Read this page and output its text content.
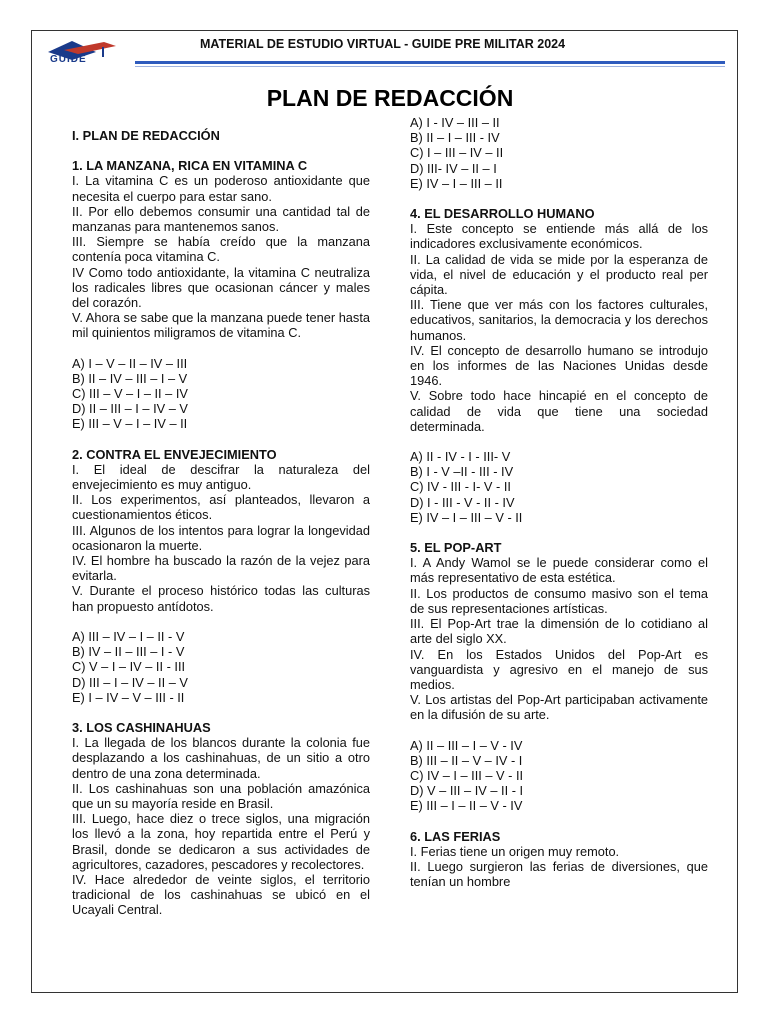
GUIDE
MATERIAL DE ESTUDIO VIRTUAL - GUIDE PRE MILITAR 2024
PLAN DE REDACCIÓN

I. PLAN DE REDACCIÓN

1. LA MANZANA, RICA EN VITAMINA C

I. La vitamina C es un poderoso antioxidante que necesita el cuerpo para estar sano.

II. Por ello debemos consumir una cantidad tal de manzanas para mantenemos sanos.

III. Siempre se había creído que la manzana contenía poca vitamina C.

IV Como todo antioxidante, la vitamina C neutraliza los radicales libres que ocasionan cáncer y males del corazón.

V. Ahora se sabe que la manzana puede tener hasta mil quinientos miligramos de vitamina C.

A) I – V – II – IV – III

B) II – IV – III – I – V

C) III – V – I – II – IV

D) II – III – I – IV – V

E) III – V – I – IV – II

2. CONTRA EL ENVEJECIMIENTO

I. El ideal de descifrar la naturaleza del envejecimiento es muy antiguo.

II. Los experimentos, así planteados, llevaron a cuestionamientos éticos.

III. Algunos de los intentos para lograr la longevidad ocasionaron la muerte.

IV. El hombre ha buscado la razón de la vejez para evitarla.

V. Durante el proceso histórico todas las culturas han propuesto antídotos.

A) III – IV – I – II - V

B) IV – II – III – I - V

C) V – I – IV – II - III

D) III – I – IV – II – V

E) I – IV – V – III - II

3. LOS CASHINAHUAS

I. La llegada de los blancos durante la colonia fue desplazando a los cashinahuas, de un sitio a otro dentro de una zona determinada.

II. Los cashinahuas son una población amazónica que un su mayoría reside en Brasil.

III. Luego, hace diez o trece siglos, una migración los llevó a la zona, hoy repartida entre el Perú y Brasil, donde se dedicaron a sus actividades de agricultores, cazadores, pescadores y recolectores.

IV. Hace alrededor de veinte siglos, el territorio tradicional de los cashinahuas se ubicó en el Ucayali Central.

A) I - IV – III – II

B) II – I – III - IV

C) I – III – IV – II

D) III- IV – II – I

E) IV – I – III – II

4. EL DESARROLLO HUMANO

I. Este concepto se entiende más allá de los indicadores exclusivamente económicos.

II. La calidad de vida se mide por la esperanza de vida, el nivel de educación y el producto real per cápita.

III. Tiene que ver más con los factores culturales, educativos, sanitarios, la democracia y los derechos humanos.

IV. El concepto de desarrollo humano se introdujo en los informes de las Naciones Unidas desde 1946.

V. Sobre todo hace hincapié en el concepto de calidad de vida que tiene una sociedad determinada.

A) II - IV - I - III- V

B) I - V –II - III - IV

C) IV - III - I- V - II

D) I - III - V - II - IV

E) IV – I – III – V - II

5. EL POP-ART

I. A Andy Wamol se le puede considerar como el más representativo de esta estética.

II. Los productos de consumo masivo son el tema de sus representaciones artísticas.

III. El Pop-Art trae la dimensión de lo cotidiano al arte del siglo XX.

IV. En los Estados Unidos del Pop-Art es vanguardista y agresivo en el manejo de sus medios.

V. Los artistas del Pop-Art participaban activamente en la difusión de su arte.

A) II – III – I – V - IV

B) III – II – V – IV - I

C) IV – I – III – V - II

D) V – III – IV – II - I

E) III – I – II – V - IV

6. LAS FERIAS

I. Ferias tiene un origen muy remoto.

II. Luego surgieron las ferias de diversiones, que tenían un hombre
